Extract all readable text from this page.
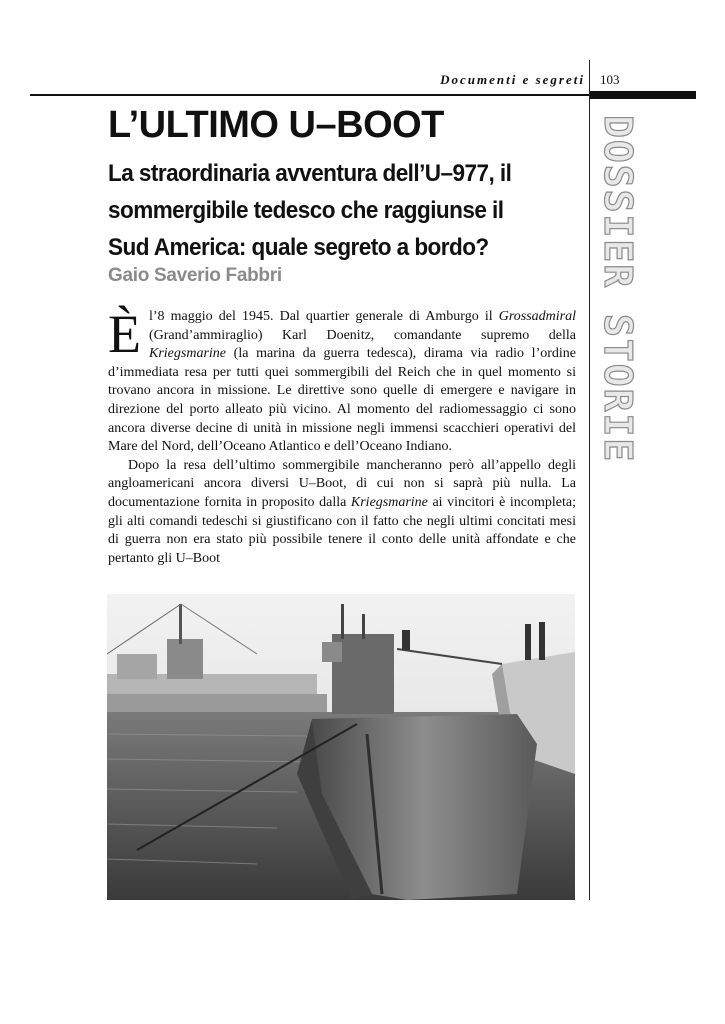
Documenti e segreti 103
DOSSIER STORIE
L’ULTIMO U–BOOT
La straordinaria avventura dell’U–977, il sommergibile tedesco che raggiunse il Sud America: quale segreto a bordo?
Gaio Saverio Fabbri

Èl’8 maggio del 1945. Dal quartier generale di Amburgo il Grossadmiral (Grand’ammiraglio) Karl Doenitz, comandante supremo della Kriegsmarine (la marina da guerra tedesca), dirama via radio l’ordine d’immediata resa per tutti quei sommergibili del Reich che in quel momento si trovano ancora in missione. Le direttive sono quelle di emergere e navigare in direzione del porto alleato più vicino. Al momento del radiomessaggio ci sono ancora diverse decine di unità in missione negli immensi scacchieri operativi del Mare del Nord, dell’Oceano Atlantico e dell’Oceano Indiano.

Dopo la resa dell’ultimo sommergibile mancheranno però all’appello degli angloamericani ancora diversi U–Boot, di cui non si saprà più nulla. La documentazione fornita in proposito dalla Kriegsmarine ai vincitori è incompleta; gli alti comandi tedeschi si giustificano con il fatto che negli ultimi concitati mesi di guerra non era stato più possibile tenere il conto delle unità affondate e che pertanto gli U–Boot
